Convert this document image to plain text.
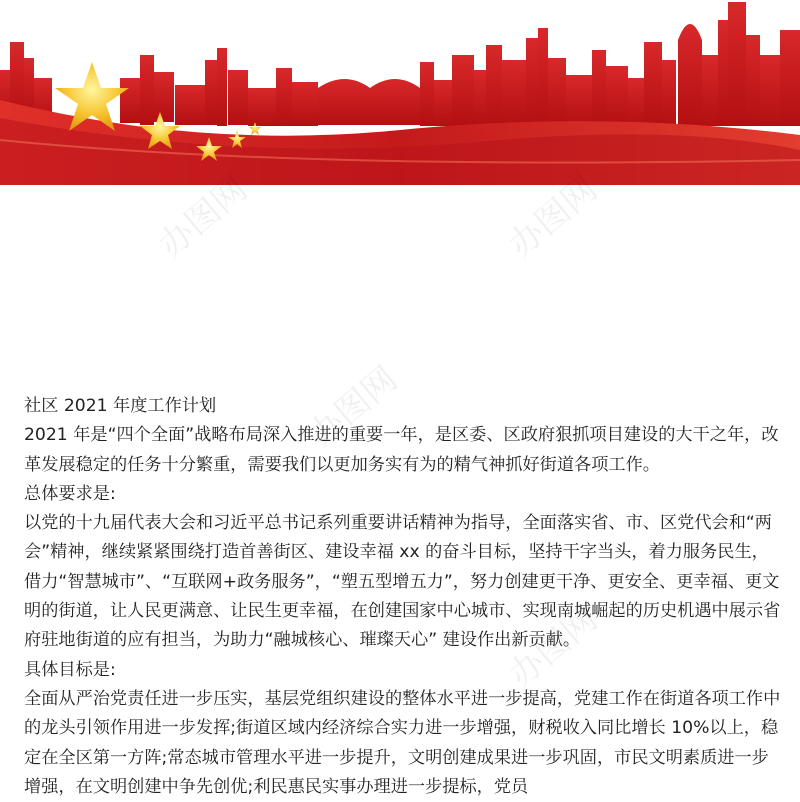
办图网	办图网
办图网
办图网

社区 2021 年度工作计划

2021 年是“四个全面”战略布局深入推进的重要一年，是区委、区政府狠抓项目建设的大干之年，改革发展稳定的任务十分繁重，需要我们以更加务实有为的精气神抓好街道各项工作。

总体要求是:

以党的十九届代表大会和习近平总书记系列重要讲话精神为指导，全面落实省、市、区党代会和“两会”精神，继续紧紧围绕打造首善街区、建设幸福 xx 的奋斗目标，坚持干字当头，着力服务民生，借力“智慧城市”、“互联网+政务服务”，“塑五型增五力”，努力创建更干净、更安全、更幸福、更文明的街道，让人民更满意、让民生更幸福，在创建国家中心城市、实现南城崛起的历史机遇中展示省府驻地街道的应有担当，为助力“融城核心、璀璨天心” 建设作出新贡献。

具体目标是:

全面从严治党责任进一步压实，基层党组织建设的整体水平进一步提高，党建工作在街道各项工作中的龙头引领作用进一步发挥;街道区域内经济综合实力进一步增强，财税收入同比增长 10%以上，稳定在全区第一方阵;常态城市管理水平进一步提升，文明创建成果进一步巩固，市民文明素质进一步增强，在文明创建中争先创优;利民惠民实事办理进一步提标，党员
